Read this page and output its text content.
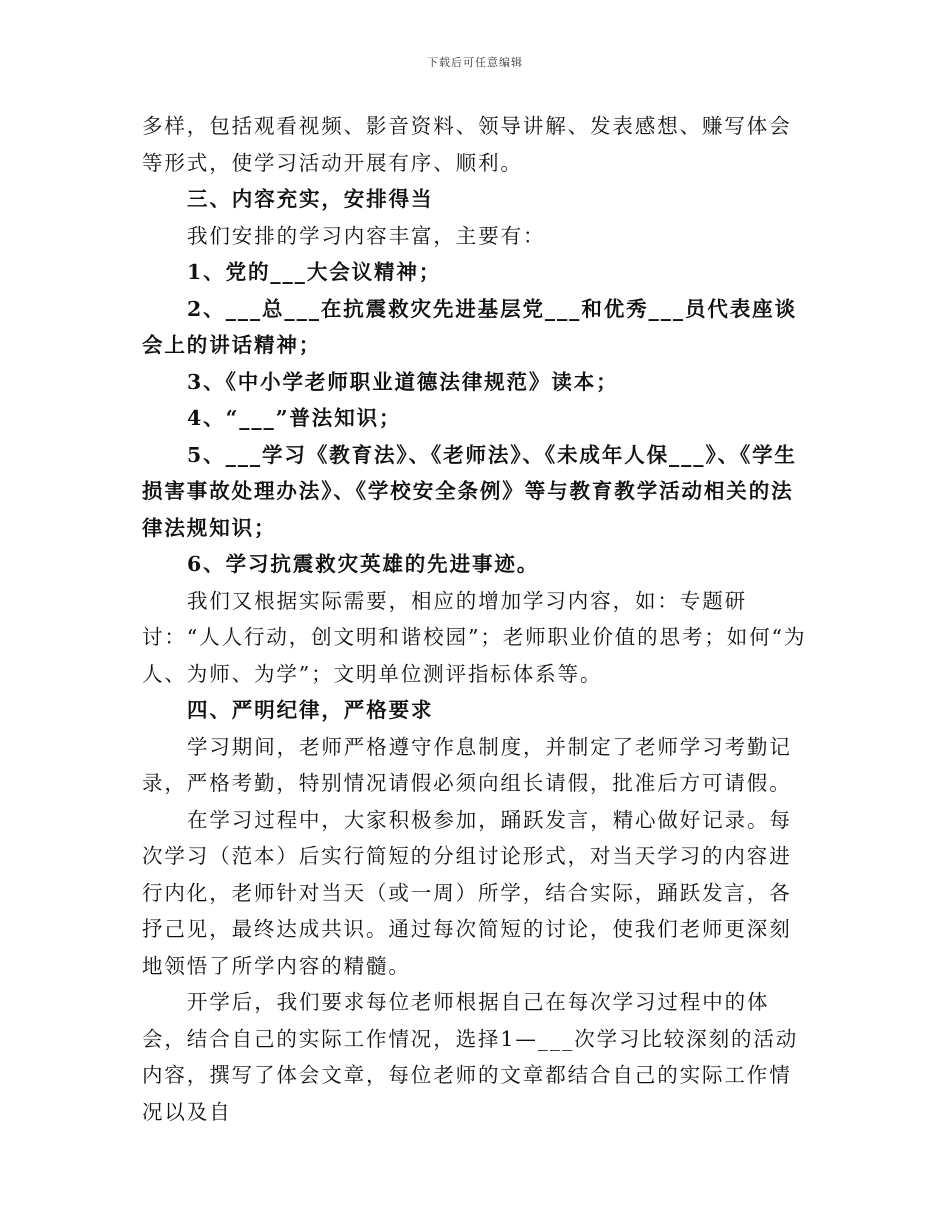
下载后可任意编辑

多样，包括观看视频、影音资料、领导讲解、发表感想、赚写体会等形式，使学习活动开展有序、顺利。

三、内容充实，安排得当

我们安排的学习内容丰富，主要有：

1、党的___大会议精神；

2、___总___在抗震救灾先进基层党___和优秀___员代表座谈会上的讲话精神；

3、《中小学老师职业道德法律规范》读本；

4、“___”普法知识；

5、___学习《教育法》、《老师法》、《未成年人保___》、《学生损害事故处理办法》、《学校安全条例》等与教育教学活动相关的法律法规知识；

6、学习抗震救灾英雄的先进事迹。

我们又根据实际需要，相应的增加学习内容，如：专题研讨：“人人行动，创文明和谐校园”；老师职业价值的思考；如何“为人、为师、为学”；文明单位测评指标体系等。

四、严明纪律，严格要求

学习期间，老师严格遵守作息制度，并制定了老师学习考勤记录，严格考勤，特别情况请假必须向组长请假，批准后方可请假。

在学习过程中，大家积极参加，踊跃发言，精心做好记录。每次学习（范本）后实行简短的分组讨论形式，对当天学习的内容进行内化，老师针对当天（或一周）所学，结合实际，踊跃发言，各抒己见，最终达成共识。通过每次简短的讨论，使我们老师更深刻地领悟了所学内容的精髓。

开学后，我们要求每位老师根据自己在每次学习过程中的体会，结合自己的实际工作情况，选择1—___次学习比较深刻的活动内容，撰写了体会文章，每位老师的文章都结合自己的实际工作情况以及自
